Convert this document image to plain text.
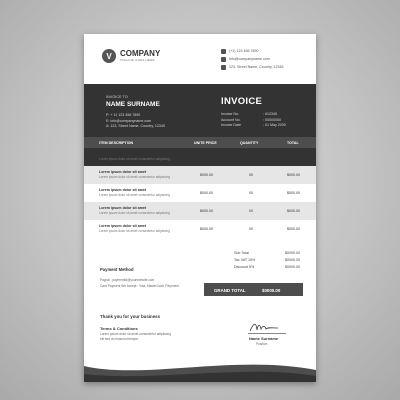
V	COMPANY
TAGLINE GOES HERE
(+1) 123 456 7890
info@companyname.com
123, Street Name, Country, 12345
INVOICE TO
NAME SURNAME
P: + 11 123 456 7890
E: info@companyname.com
A: 123, Street Name, Country, 12345
INVOICE
Invoice No.	: #12345
Account No.	: 00000000
Invoice Date	: 01 May 2030
ITEM DESCRIPTION	UNITE PRICE	QUANTITY	TOTAL
Lorem ipsum dolor sit amet
Lorem ipsum dolor sit amet consectetur adipiscing	$000.00	00	$000.00
Lorem ipsum dolor sit amet
Lorem ipsum dolor sit amet consectetur adipiscing	$000.00	00	$000.00
Lorem ipsum dolor sit amet
Lorem ipsum dolor sit amet consectetur adipiscing	$000.00	00	$000.00
Lorem ipsum dolor sit amet
Lorem ipsum dolor sit amet consectetur adipiscing	$000.00	00	$000.00
Lorem ipsum dolor sit amet
Lorem ipsum dolor sit amet consectetur adipiscing	$000.00	00	$000.00
Sub Total	$0000.00
Tax VAT 15%	$0000.00
Discount 5%	$0000.00
Payment Method
Paypal : paymentid@yourwebsite.com
Card Payment We Accept : Visa, MasterCard, Payoneer
GRAND TOTAL	$0000.00
Thank you for your business
Terms & Conditions
Lorem ipsum dolor sit amet consectetur adipiscing
elit sed do eiusmod tempor	Name Surname
Position
